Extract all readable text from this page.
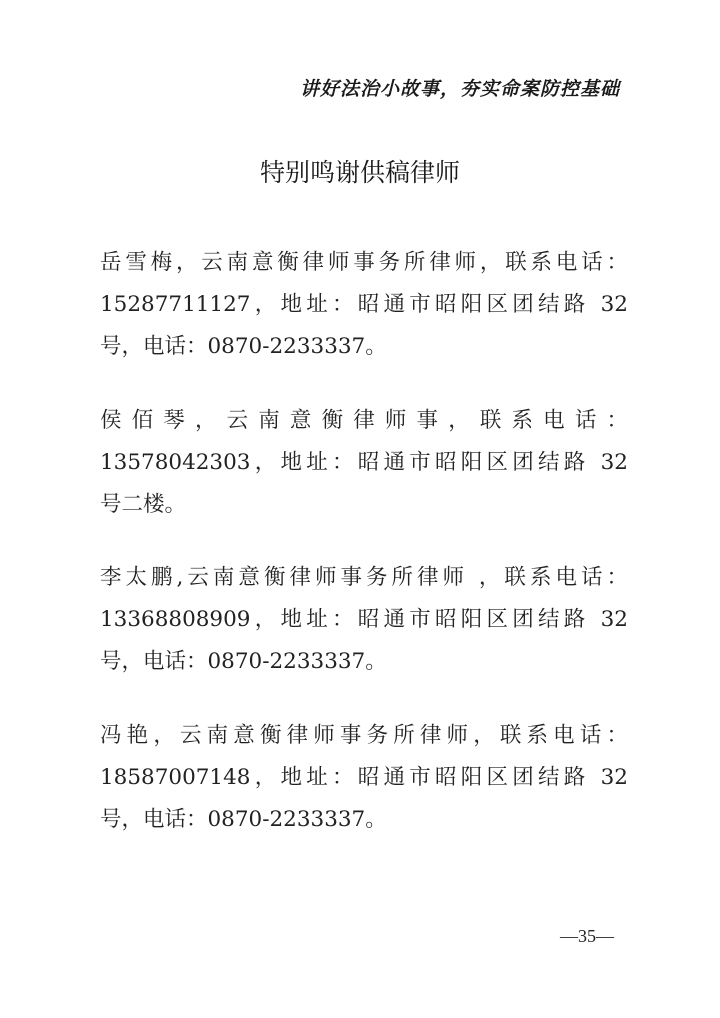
讲好法治小故事，夯实命案防控基础
特别鸣谢供稿律师
岳雪梅，云南意衡律师事务所律师，联系电话：
15287711127，地址：昭通市昭阳区团结路 32
号，电话：0870-2233337。
侯佰琴，云南意衡律师事，联系电话：
13578042303，地址：昭通市昭阳区团结路 32
号二楼。
李太鹏,云南意衡律师事务所律师 ，联系电话：
13368808909，地址：昭通市昭阳区团结路 32
号，电话：0870-2233337。
冯艳，云南意衡律师事务所律师，联系电话：
18587007148，地址：昭通市昭阳区团结路 32
号，电话：0870-2233337。
—35—
